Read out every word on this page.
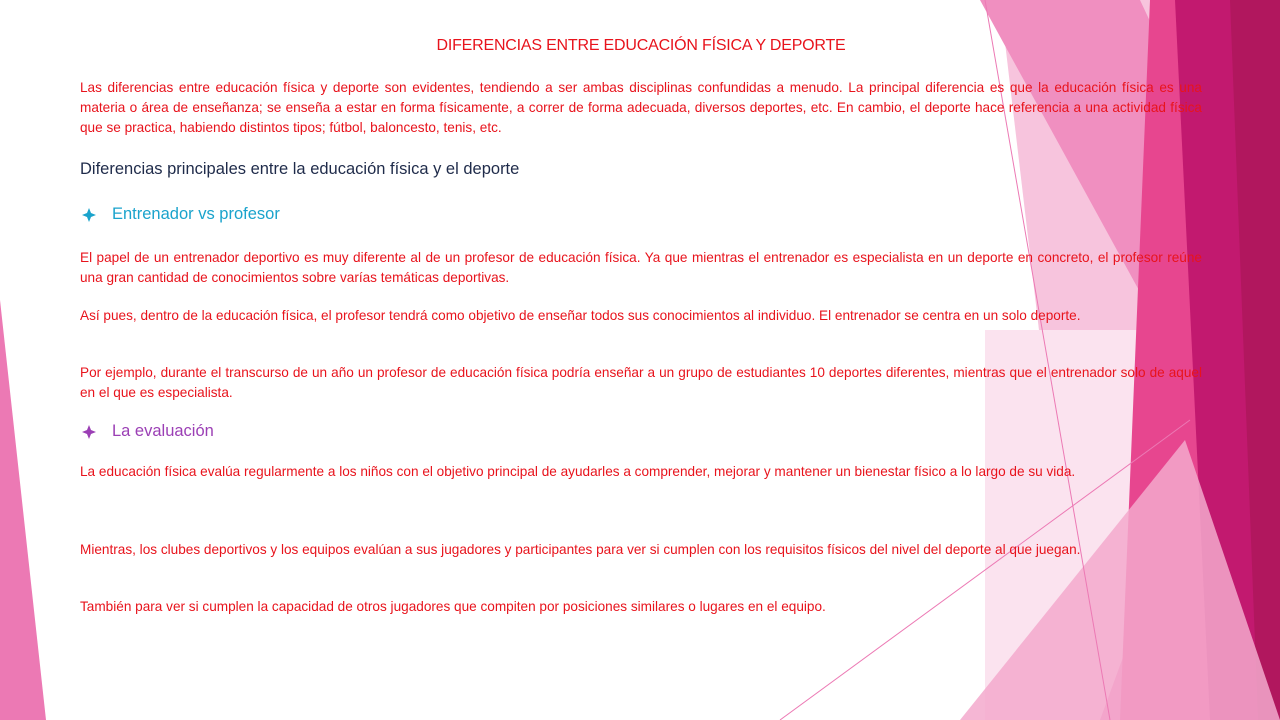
DIFERENCIAS ENTRE EDUCACIÓN FÍSICA Y DEPORTE
Las diferencias entre educación física y deporte son evidentes, tendiendo a ser ambas disciplinas confundidas a menudo. La principal diferencia es que la educación física es una materia o área de enseñanza; se enseña a estar en forma físicamente, a correr de forma adecuada, diversos deportes, etc. En cambio, el deporte hace referencia a una actividad física que se practica, habiendo distintos tipos; fútbol, baloncesto, tenis, etc.
Diferencias principales entre la educación física y el deporte
Entrenador vs profesor
El papel de un entrenador deportivo es muy diferente al de un profesor de educación física. Ya que mientras el entrenador es especialista en un deporte en concreto, el profesor reúne una gran cantidad de conocimientos sobre varías temáticas deportivas.
Así pues, dentro de la educación física, el profesor tendrá como objetivo de enseñar todos sus conocimientos al individuo. El entrenador se centra en un solo deporte.
Por ejemplo, durante el transcurso de un año un profesor de educación física podría enseñar a un grupo de estudiantes 10 deportes diferentes, mientras que el entrenador solo de aquel en el que es especialista.
La evaluación
La educación física evalúa regularmente a los niños con el objetivo principal de ayudarles a comprender, mejorar y mantener un bienestar físico a lo largo de su vida.
Mientras, los clubes deportivos y los equipos evalúan a sus jugadores y participantes para ver si cumplen con los requisitos físicos del nivel del deporte al que juegan.
También para ver si cumplen la capacidad de otros jugadores que compiten por posiciones similares o lugares en el equipo.
